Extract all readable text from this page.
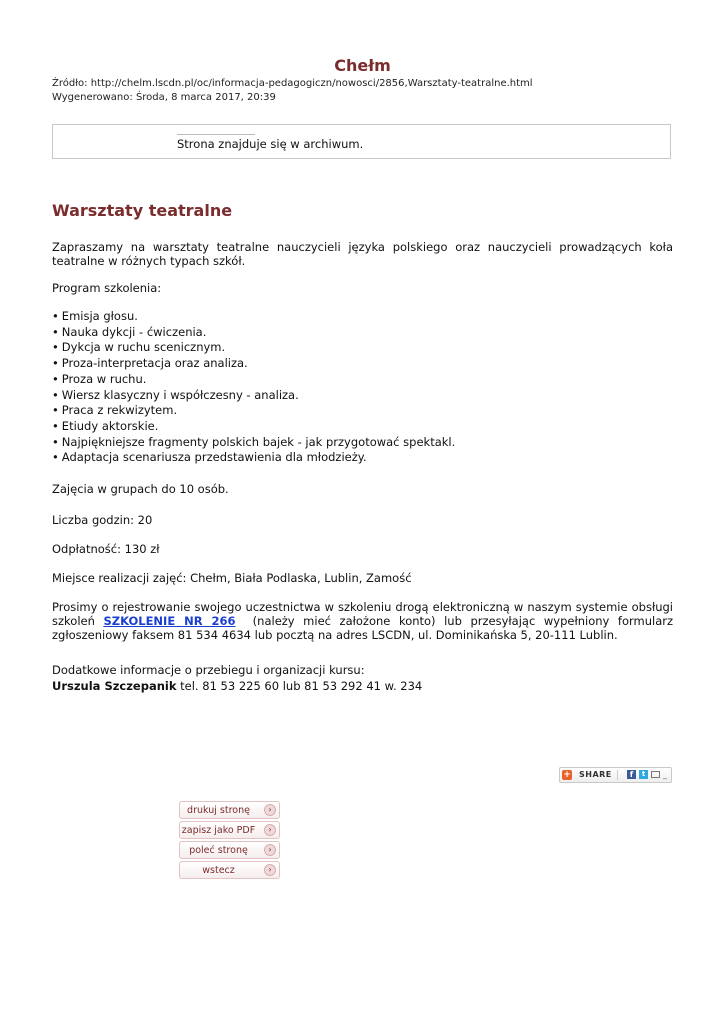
Chełm
Źródło: http://chelm.lscdn.pl/oc/informacja-pedagogiczn/nowosci/2856,Warsztaty-teatralne.html
Wygenerowano: Środa, 8 marca 2017, 20:39
Strona znajduje się w archiwum.
Warsztaty teatralne
Zapraszamy na warsztaty teatralne nauczycieli języka polskiego oraz nauczycieli prowadzących koła teatralne w różnych typach szkół.
Program szkolenia:
• Emisja głosu.
• Nauka dykcji - ćwiczenia.
• Dykcja w ruchu scenicznym.
• Proza-interpretacja oraz analiza.
• Proza w ruchu.
• Wiersz klasyczny i współczesny - analiza.
• Praca z rekwizytem.
• Etiudy aktorskie.
• Najpiękniejsze fragmenty polskich bajek - jak przygotować spektakl.
• Adaptacja scenariusza przedstawienia dla młodzieży.
Zajęcia w grupach do 10 osób.
Liczba godzin: 20
Odpłatność: 130 zł
Miejsce realizacji zajęć: Chełm, Biała Podlaska, Lublin, Zamość
Prosimy o rejestrowanie swojego uczestnictwa w szkoleniu drogą elektroniczną w naszym systemie obsługi szkoleń SZKOLENIE NR 266 (należy mieć założone konto) lub przesyłając wypełniony formularz zgłoszeniowy faksem 81 534 4634 lub pocztą na adres LSCDN, ul. Dominikańska 5, 20-111 Lublin.
Dodatkowe informacje o przebiegu i organizacji kursu:
Urszula Szczepanik tel. 81 53 225 60 lub 81 53 292 41 w. 234
+ SHARE	f	t	_
drukuj stronę	›
zapisz jako PDF	›
poleć stronę	›
wstecz	›
